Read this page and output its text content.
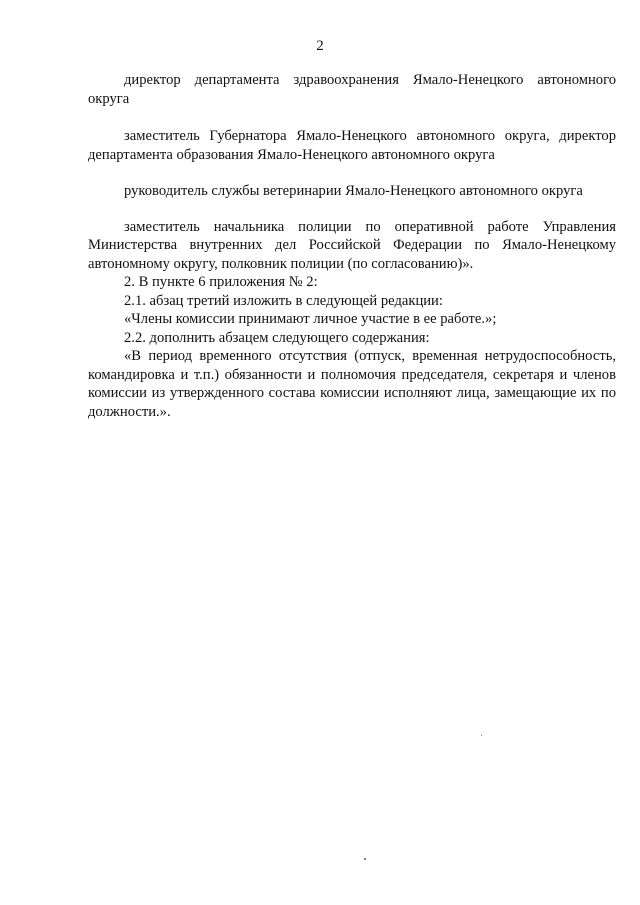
2

директор департамента здравоохранения Ямало-Ненецкого автономного округа

заместитель Губернатора Ямало-Ненецкого автономного округа, директор департамента образования Ямало-Ненецкого автономного округа

руководитель службы ветеринарии Ямало-Ненецкого автономного округа

заместитель начальника полиции по оперативной работе Управления Министерства внутренних дел Российской Федерации по Ямало-Ненецкому автономному округу, полковник полиции (по согласованию)».

2. В пункте 6 приложения № 2:

2.1. абзац третий изложить в следующей редакции:

«Члены комиссии принимают личное участие в ее работе.»;

2.2. дополнить абзацем следующего содержания:

«В период временного отсутствия (отпуск, временная нетрудоспособность, командировка и т.п.) обязанности и полномочия председателя, секретаря и членов комиссии из утвержденного состава комиссии исполняют лица, замещающие их по должности.».
